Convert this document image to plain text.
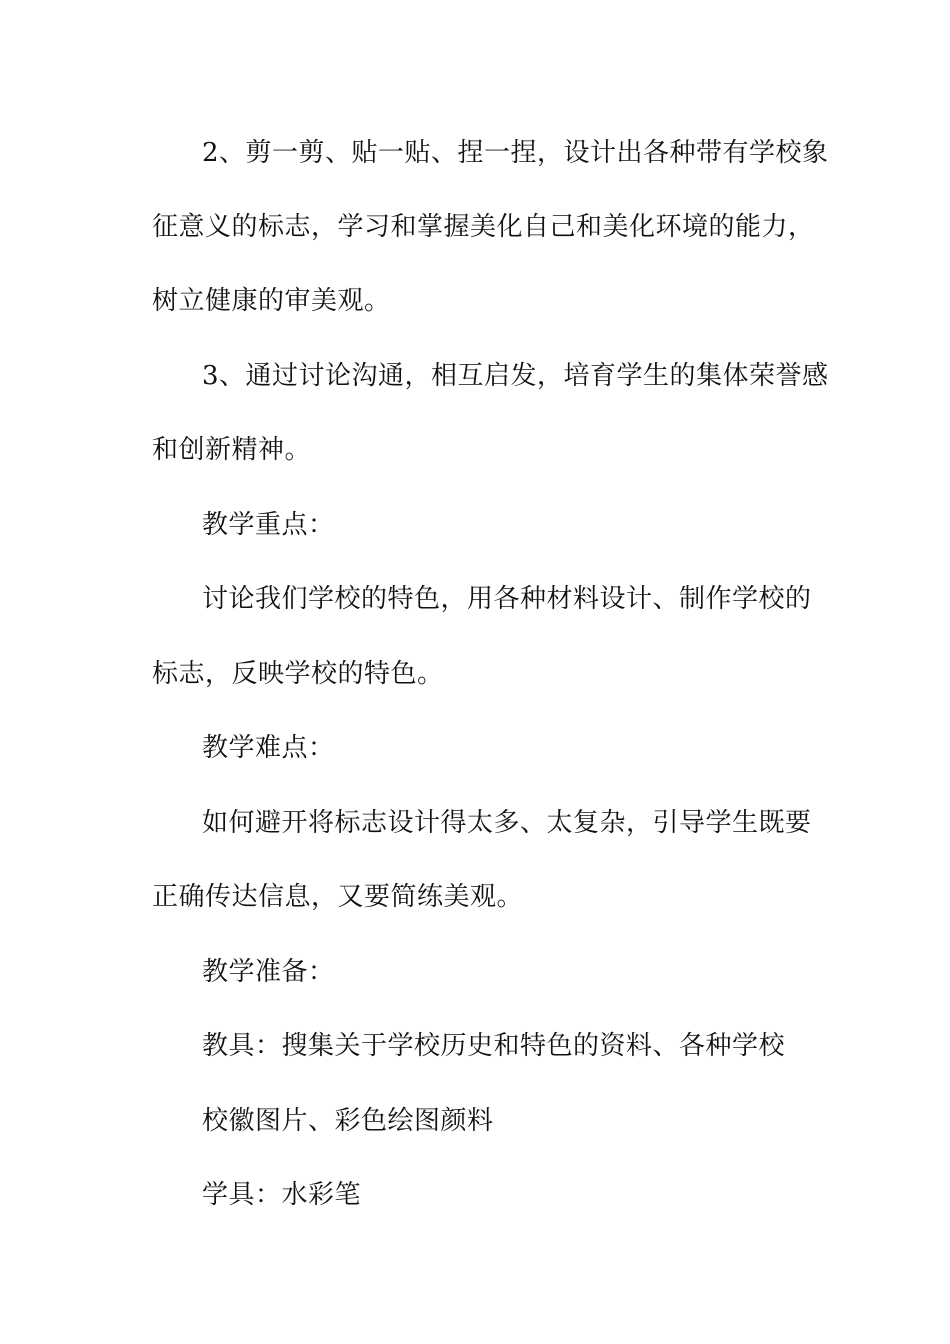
2、剪一剪、贴一贴、捏一捏，设计出各种带有学校象

征意义的标志，学习和掌握美化自己和美化环境的能力，

树立健康的审美观。

3、通过讨论沟通，相互启发，培育学生的集体荣誉感

和创新精神。

教学重点：

讨论我们学校的特色，用各种材料设计、制作学校的

标志，反映学校的特色。

教学难点：

如何避开将标志设计得太多、太复杂，引导学生既要

正确传达信息，又要简练美观。

教学准备：

教具：搜集关于学校历史和特色的资料、各种学校

校徽图片、彩色绘图颜料

学具：水彩笔
